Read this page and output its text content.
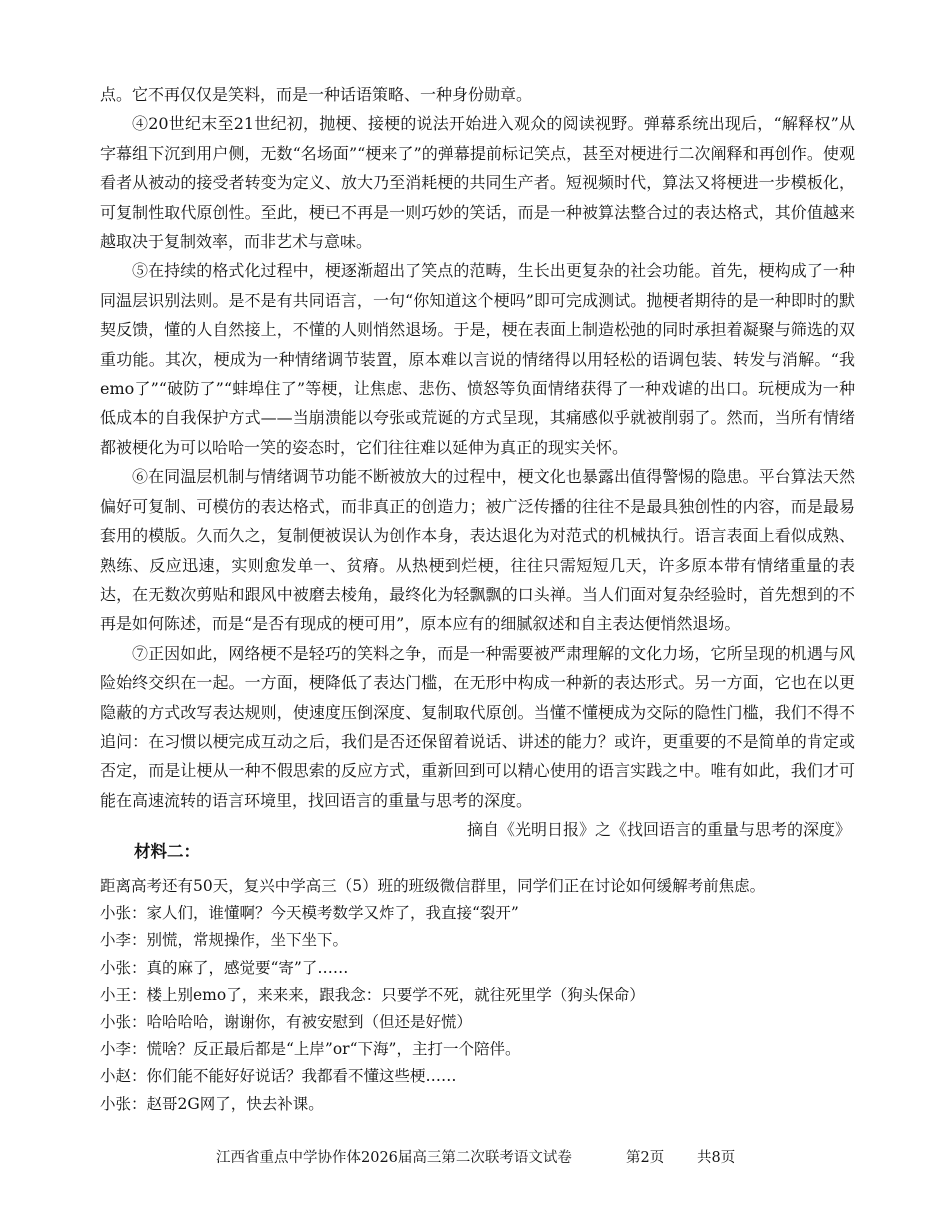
点。它不再仅仅是笑料，而是一种话语策略、一种身份勋章。

④20世纪末至21世纪初，抛梗、接梗的说法开始进入观众的阅读视野。弹幕系统出现后，“解释权”从字幕组下沉到用户侧，无数“名场面”“梗来了”的弹幕提前标记笑点，甚至对梗进行二次阐释和再创作。使观看者从被动的接受者转变为定义、放大乃至消耗梗的共同生产者。短视频时代，算法又将梗进一步模板化，可复制性取代原创性。至此，梗已不再是一则巧妙的笑话，而是一种被算法整合过的表达格式，其价值越来越取决于复制效率，而非艺术与意味。

⑤在持续的格式化过程中，梗逐渐超出了笑点的范畴，生长出更复杂的社会功能。首先，梗构成了一种同温层识别法则。是不是有共同语言，一句“你知道这个梗吗”即可完成测试。抛梗者期待的是一种即时的默契反馈，懂的人自然接上，不懂的人则悄然退场。于是，梗在表面上制造松弛的同时承担着凝聚与筛选的双重功能。其次，梗成为一种情绪调节装置，原本难以言说的情绪得以用轻松的语调包装、转发与消解。“我emo了”“破防了”“蚌埠住了”等梗，让焦虑、悲伤、愤怒等负面情绪获得了一种戏谑的出口。玩梗成为一种低成本的自我保护方式——当崩溃能以夸张或荒诞的方式呈现，其痛感似乎就被削弱了。然而，当所有情绪都被梗化为可以哈哈一笑的姿态时，它们往往难以延伸为真正的现实关怀。

⑥在同温层机制与情绪调节功能不断被放大的过程中，梗文化也暴露出值得警惕的隐患。平台算法天然偏好可复制、可模仿的表达格式，而非真正的创造力；被广泛传播的往往不是最具独创性的内容，而是最易套用的模版。久而久之，复制便被误认为创作本身，表达退化为对范式的机械执行。语言表面上看似成熟、熟练、反应迅速，实则愈发单一、贫瘠。从热梗到烂梗，往往只需短短几天，许多原本带有情绪重量的表达，在无数次剪贴和跟风中被磨去棱角，最终化为轻飘飘的口头禅。当人们面对复杂经验时，首先想到的不再是如何陈述，而是“是否有现成的梗可用”，原本应有的细腻叙述和自主表达便悄然退场。

⑦正因如此，网络梗不是轻巧的笑料之争，而是一种需要被严肃理解的文化力场，它所呈现的机遇与风险始终交织在一起。一方面，梗降低了表达门槛，在无形中构成一种新的表达形式。另一方面，它也在以更隐蔽的方式改写表达规则，使速度压倒深度、复制取代原创。当懂不懂梗成为交际的隐性门槛，我们不得不追问：在习惯以梗完成互动之后，我们是否还保留着说话、讲述的能力？或许，更重要的不是简单的肯定或否定，而是让梗从一种不假思索的反应方式，重新回到可以精心使用的语言实践之中。唯有如此，我们才可能在高速流转的语言环境里，找回语言的重量与思考的深度。

摘自《光明日报》之《找回语言的重量与思考的深度》

材料二：

距离高考还有50天，复兴中学高三（5）班的班级微信群里，同学们正在讨论如何缓解考前焦虑。

小张：家人们，谁懂啊？今天模考数学又炸了，我直接“裂开”

小李：别慌，常规操作，坐下坐下。

小张：真的麻了，感觉要“寄”了……

小王：楼上别emo了，来来来，跟我念：只要学不死，就往死里学（狗头保命）

小张：哈哈哈哈，谢谢你，有被安慰到（但还是好慌）

小李：慌啥？反正最后都是“上岸”or“下海”，主打一个陪伴。

小赵：你们能不能好好说话？我都看不懂这些梗……

小张：赵哥2G网了，快去补课。

江西省重点中学协作体2026届高三第二次联考语文试卷	第2页 共8页
